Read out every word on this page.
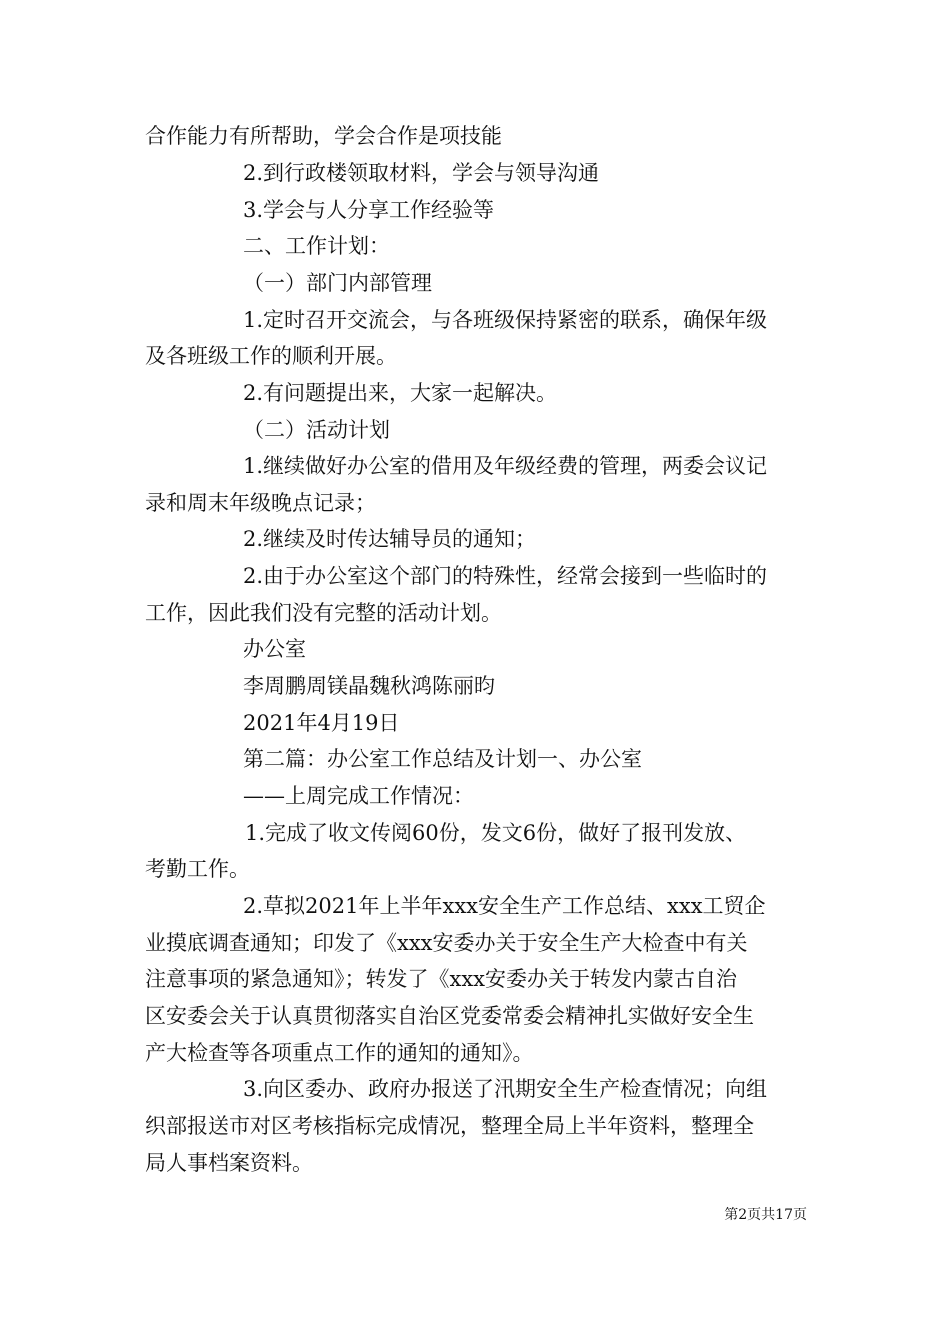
合作能力有所帮助，学会合作是项技能
2.到行政楼领取材料，学会与领导沟通
3.学会与人分享工作经验等
二、工作计划：
（一）部门内部管理
1.定时召开交流会，与各班级保持紧密的联系，确保年级
及各班级工作的顺利开展。
2.有问题提出来，大家一起解决。
（二）活动计划
1.继续做好办公室的借用及年级经费的管理，两委会议记
录和周末年级晚点记录；
2.继续及时传达辅导员的通知；
2.由于办公室这个部门的特殊性，经常会接到一些临时的
工作，因此我们没有完整的活动计划。
办公室
李周鹏周镁晶魏秋鸿陈丽昀
2021年4月19日
第二篇：办公室工作总结及计划一、办公室
——上周完成工作情况：
1.完成了收文传阅60份，发文6份，做好了报刊发放、
考勤工作。
2.草拟2021年上半年xxx安全生产工作总结、xxx工贸企
业摸底调查通知；印发了《xxx安委办关于安全生产大检查中有关
注意事项的紧急通知》；转发了《xxx安委办关于转发内蒙古自治
区安委会关于认真贯彻落实自治区党委常委会精神扎实做好安全生
产大检查等各项重点工作的通知的通知》。
3.向区委办、政府办报送了汛期安全生产检查情况；向组
织部报送市对区考核指标完成情况，整理全局上半年资料，整理全
局人事档案资料。
第2页共17页
